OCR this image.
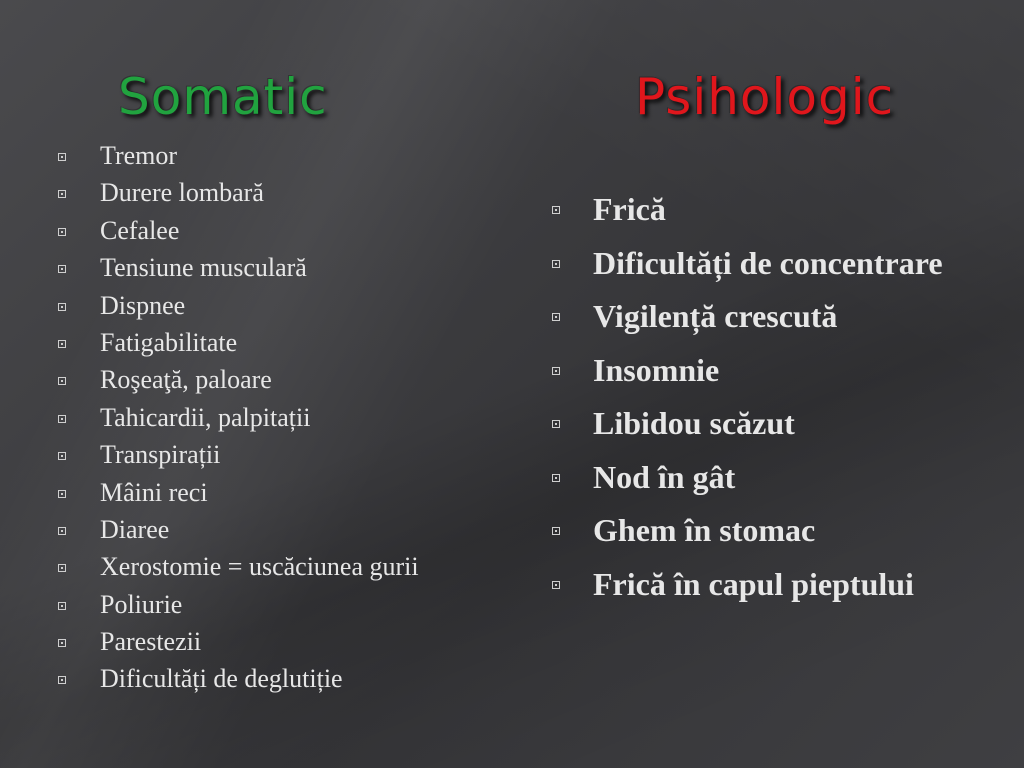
Somatic	Psihologic
Tremor
Durere lombară
Cefalee
Tensiune musculară
Dispnee
Fatigabilitate
Roşeaţă, paloare
Tahicardii, palpitații
Transpirații
Mâini reci
Diaree
Xerostomie = uscăciunea gurii
Poliurie
Parestezii
Dificultăți de deglutiție
Frică
Dificultăți de concentrare
Vigilență crescută
Insomnie
Libidou scăzut
Nod în gât
Ghem în stomac
Frică în capul pieptului
